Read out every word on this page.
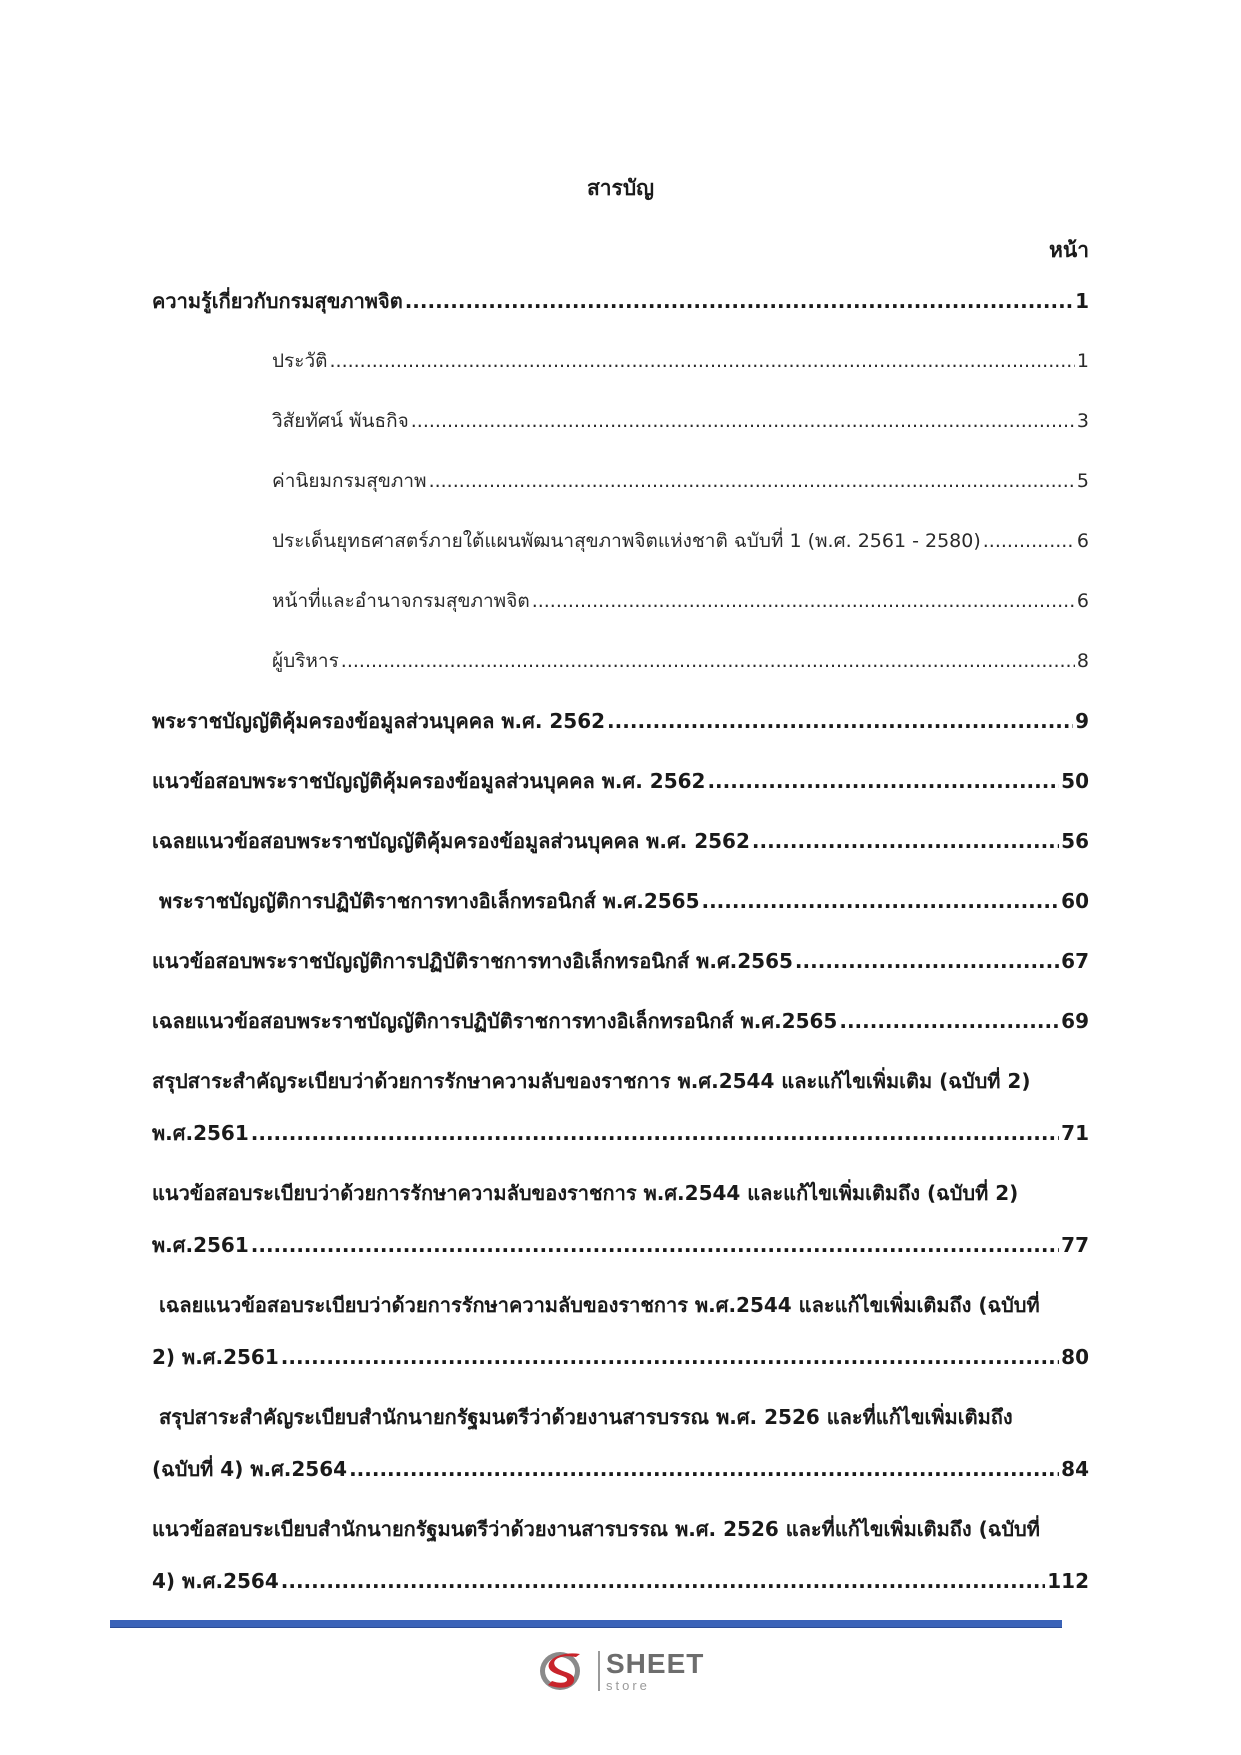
สารบัญ
หน้า
ความรู้เกี่ยวกับกรมสุขภาพจิต .....	1
ประวัติ .....	1
วิสัยทัศน์ พันธกิจ .....	3
ค่านิยมกรมสุขภาพ .....	5
ประเด็นยุทธศาสตร์ภายใต้แผนพัฒนาสุขภาพจิตแห่งชาติ ฉบับที่ 1 (พ.ศ. 2561 - 2580) .....	6
หน้าที่และอำนาจกรมสุขภาพจิต .....	6
ผู้บริหาร .....	8
พระราชบัญญัติคุ้มครองข้อมูลส่วนบุคคล พ.ศ. 2562 .....	9
แนวข้อสอบพระราชบัญญัติคุ้มครองข้อมูลส่วนบุคคล พ.ศ. 2562 .....	50
เฉลยแนวข้อสอบพระราชบัญญัติคุ้มครองข้อมูลส่วนบุคคล พ.ศ. 2562 .....	56
พระราชบัญญัติการปฏิบัติราชการทางอิเล็กทรอนิกส์ พ.ศ.2565 .....	60
แนวข้อสอบพระราชบัญญัติการปฏิบัติราชการทางอิเล็กทรอนิกส์ พ.ศ.2565 .....	67
เฉลยแนวข้อสอบพระราชบัญญัติการปฏิบัติราชการทางอิเล็กทรอนิกส์ พ.ศ.2565 .....	69
สรุปสาระสำคัญระเบียบว่าด้วยการรักษาความลับของราชการ พ.ศ.2544 และแก้ไขเพิ่มเติม (ฉบับที่ 2)
พ.ศ.2561 .....	71
แนวข้อสอบระเบียบว่าด้วยการรักษาความลับของราชการ พ.ศ.2544 และแก้ไขเพิ่มเติมถึง (ฉบับที่ 2)
พ.ศ.2561 .....	77
เฉลยแนวข้อสอบระเบียบว่าด้วยการรักษาความลับของราชการ พ.ศ.2544 และแก้ไขเพิ่มเติมถึง (ฉบับที่
2) พ.ศ.2561 .....	80
สรุปสาระสำคัญระเบียบสำนักนายกรัฐมนตรีว่าด้วยงานสารบรรณ พ.ศ. 2526 และที่แก้ไขเพิ่มเติมถึง
(ฉบับที่ 4) พ.ศ.2564 .....	84
แนวข้อสอบระเบียบสำนักนายกรัฐมนตรีว่าด้วยงานสารบรรณ พ.ศ. 2526 และที่แก้ไขเพิ่มเติมถึง (ฉบับที่
4) พ.ศ.2564 .....	112
SHEET
store
